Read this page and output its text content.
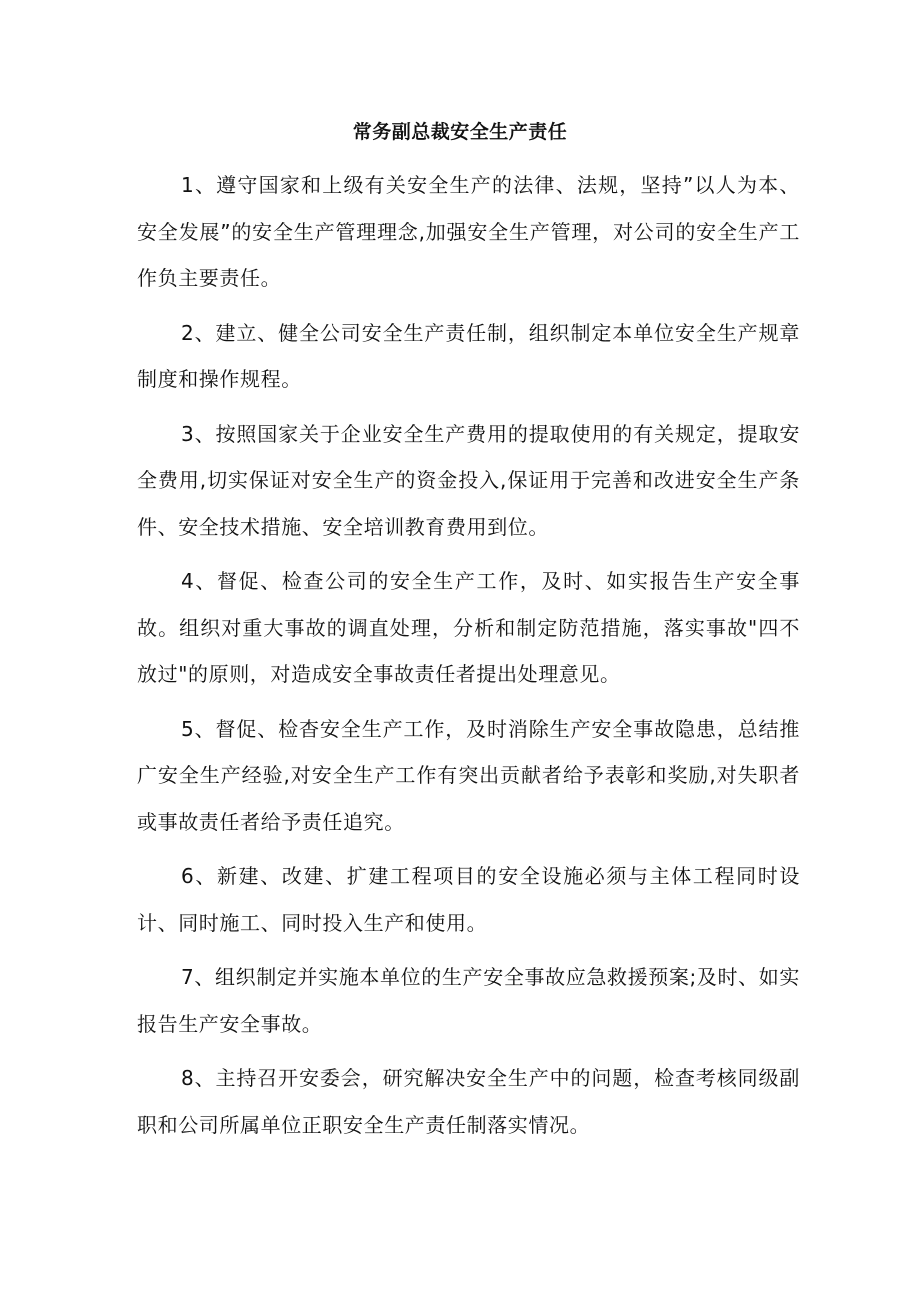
常务副总裁安全生产责任

1、遵守国家和上级有关安全生产的法律、法规，坚持”以人为本、安全发展”的安全生产管理理念,加强安全生产管理，对公司的安全生产工作负主要责任。

2、建立、健全公司安全生产责任制，组织制定本单位安全生产规章制度和操作规程。

3、按照国家关于企业安全生产费用的提取使用的有关规定，提取安全费用,切实保证对安全生产的资金投入,保证用于完善和改进安全生产条件、安全技术措施、安全培训教育费用到位。

4、督促、检查公司的安全生产工作，及时、如实报告生产安全事故。组织对重大事故的调直处理，分析和制定防范措施，落实事故"四不放过"的原则，对造成安全事故责任者提出处理意见。

5、督促、检杳安全生产工作，及时消除生产安全事故隐患，总结推广安全生产经验,对安全生产工作有突出贡献者给予表彰和奖励,对失职者或事故责任者给予责任追究。

6、新建、改建、扩建工程项目的安全设施必须与主体工程同时设计、同时施工、同时投入生产和使用。

7、组织制定并实施本单位的生产安全事故应急救援预案;及时、如实报告生产安全事故。

8、主持召开安委会，研究解决安全生产中的问题，检查考核同级副职和公司所属单位正职安全生产责任制落实情况。
